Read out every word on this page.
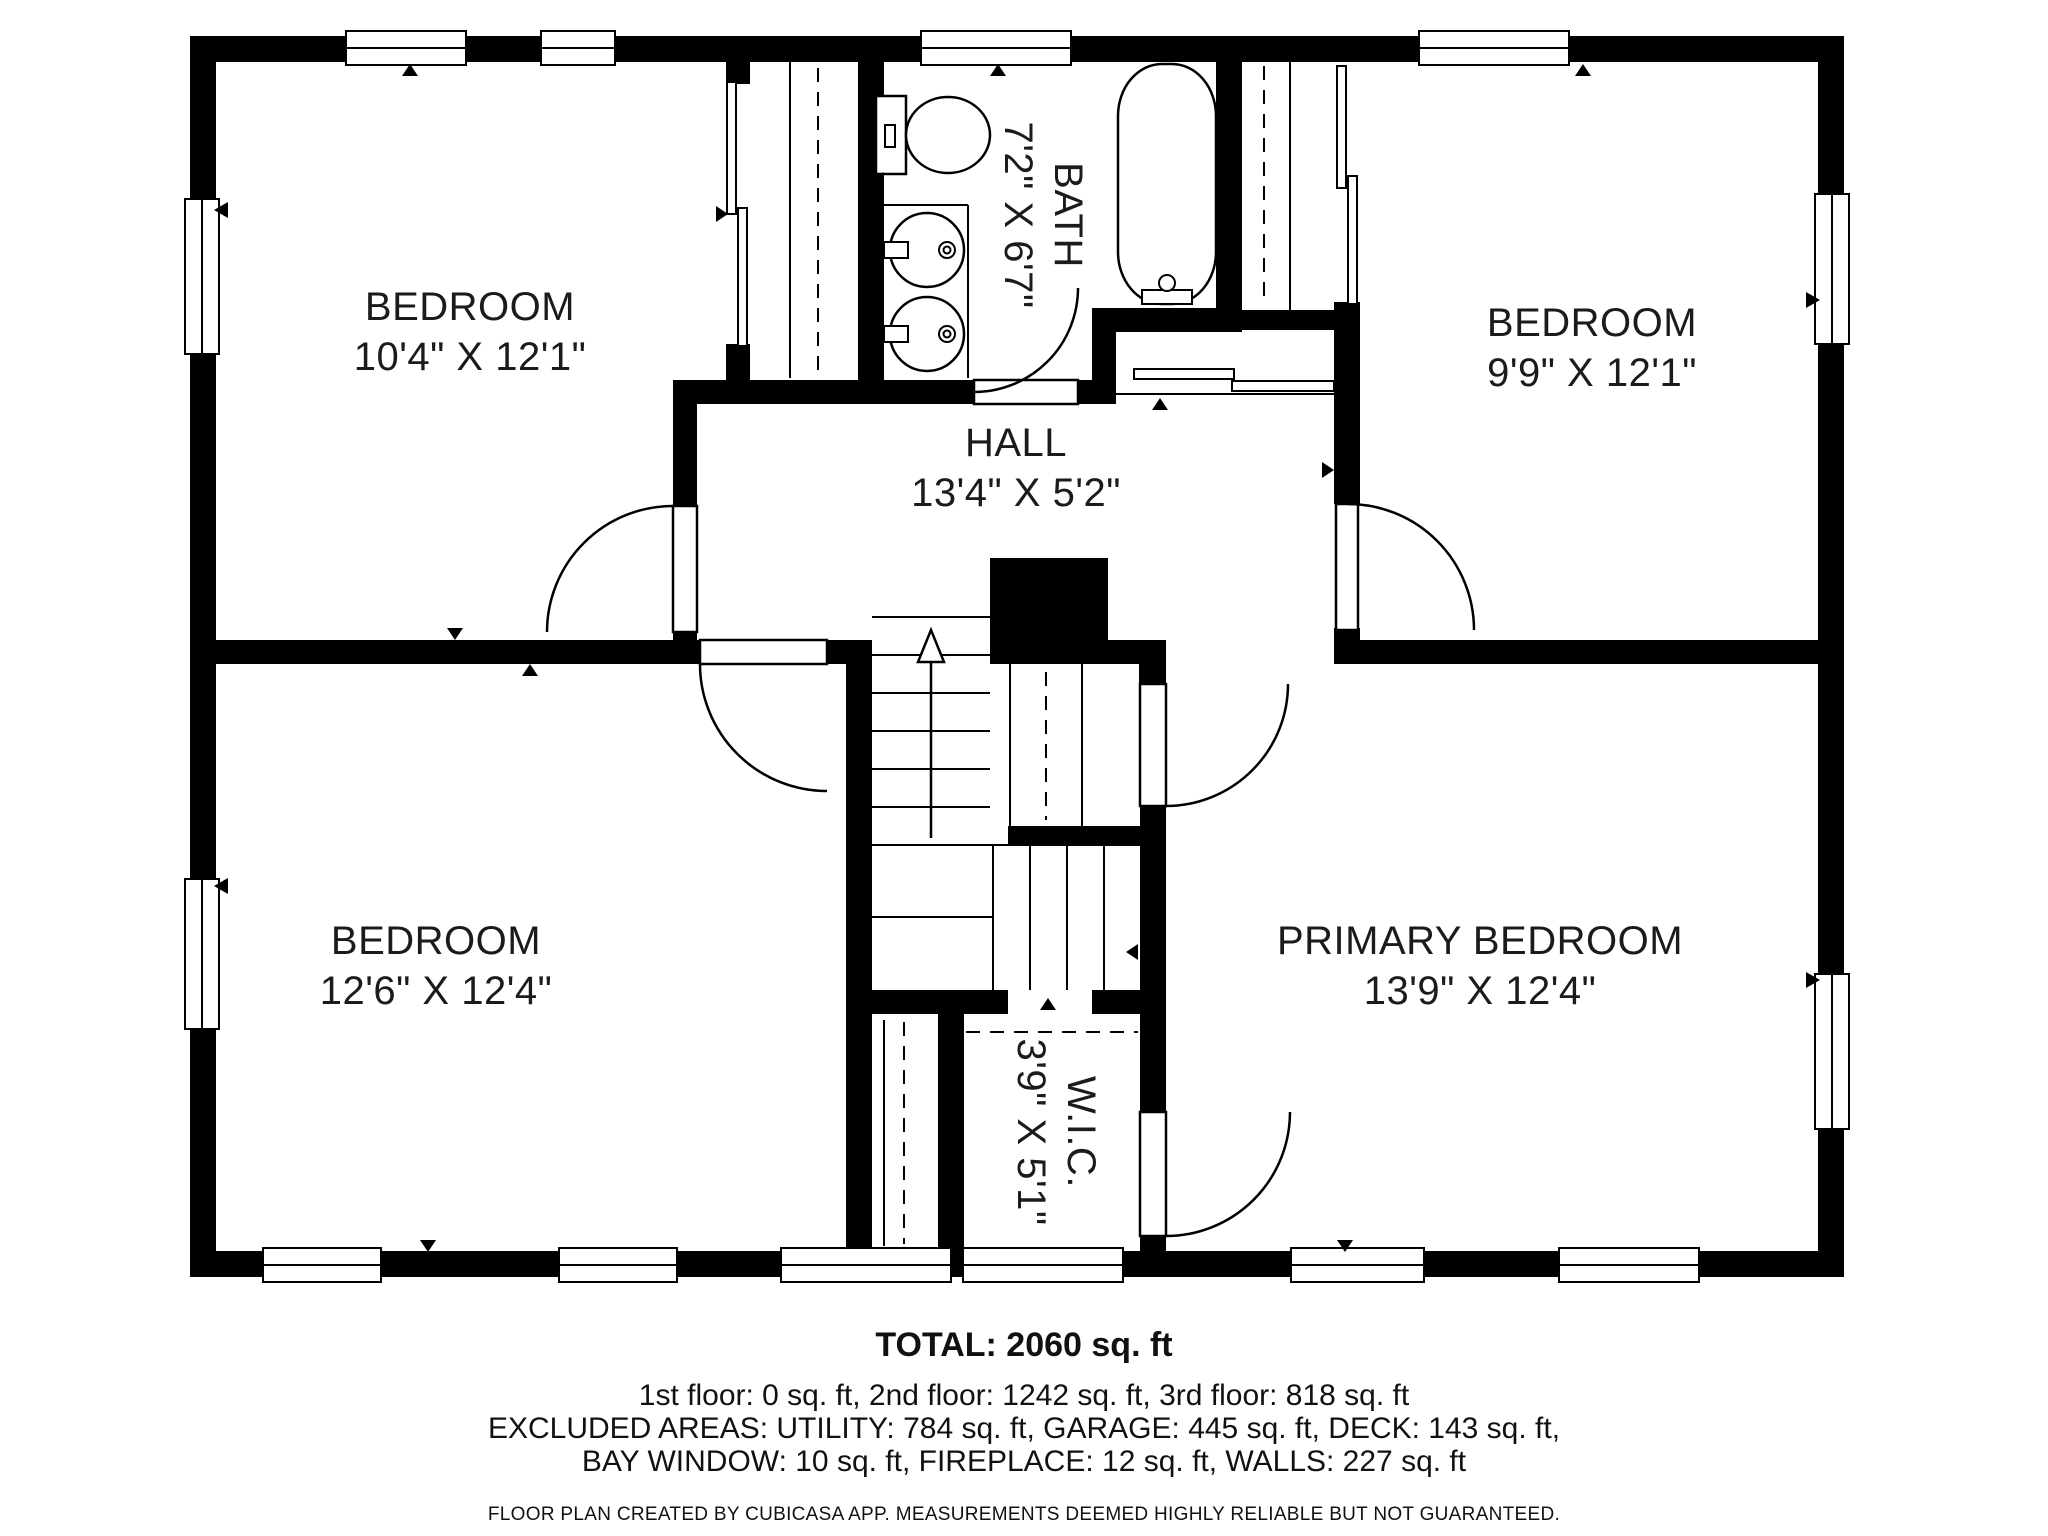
BEDROOM
10'4" X 12'1"
BEDROOM
9'9" X 12'1"
BATH
7'2" X 6'7"
HALL
13'4" X 5'2"
BEDROOM
12'6" X 12'4"
PRIMARY BEDROOM
13'9" X 12'4"
W.I.C.
3'9" X 5'1"
TOTAL: 2060 sq. ft
1st floor: 0 sq. ft, 2nd floor: 1242 sq. ft, 3rd floor: 818 sq. ft
EXCLUDED AREAS: UTILITY: 784 sq. ft, GARAGE: 445 sq. ft, DECK: 143 sq. ft,
BAY WINDOW: 10 sq. ft, FIREPLACE: 12 sq. ft, WALLS: 227 sq. ft
FLOOR PLAN CREATED BY CUBICASA APP. MEASUREMENTS DEEMED HIGHLY RELIABLE BUT NOT GUARANTEED.
